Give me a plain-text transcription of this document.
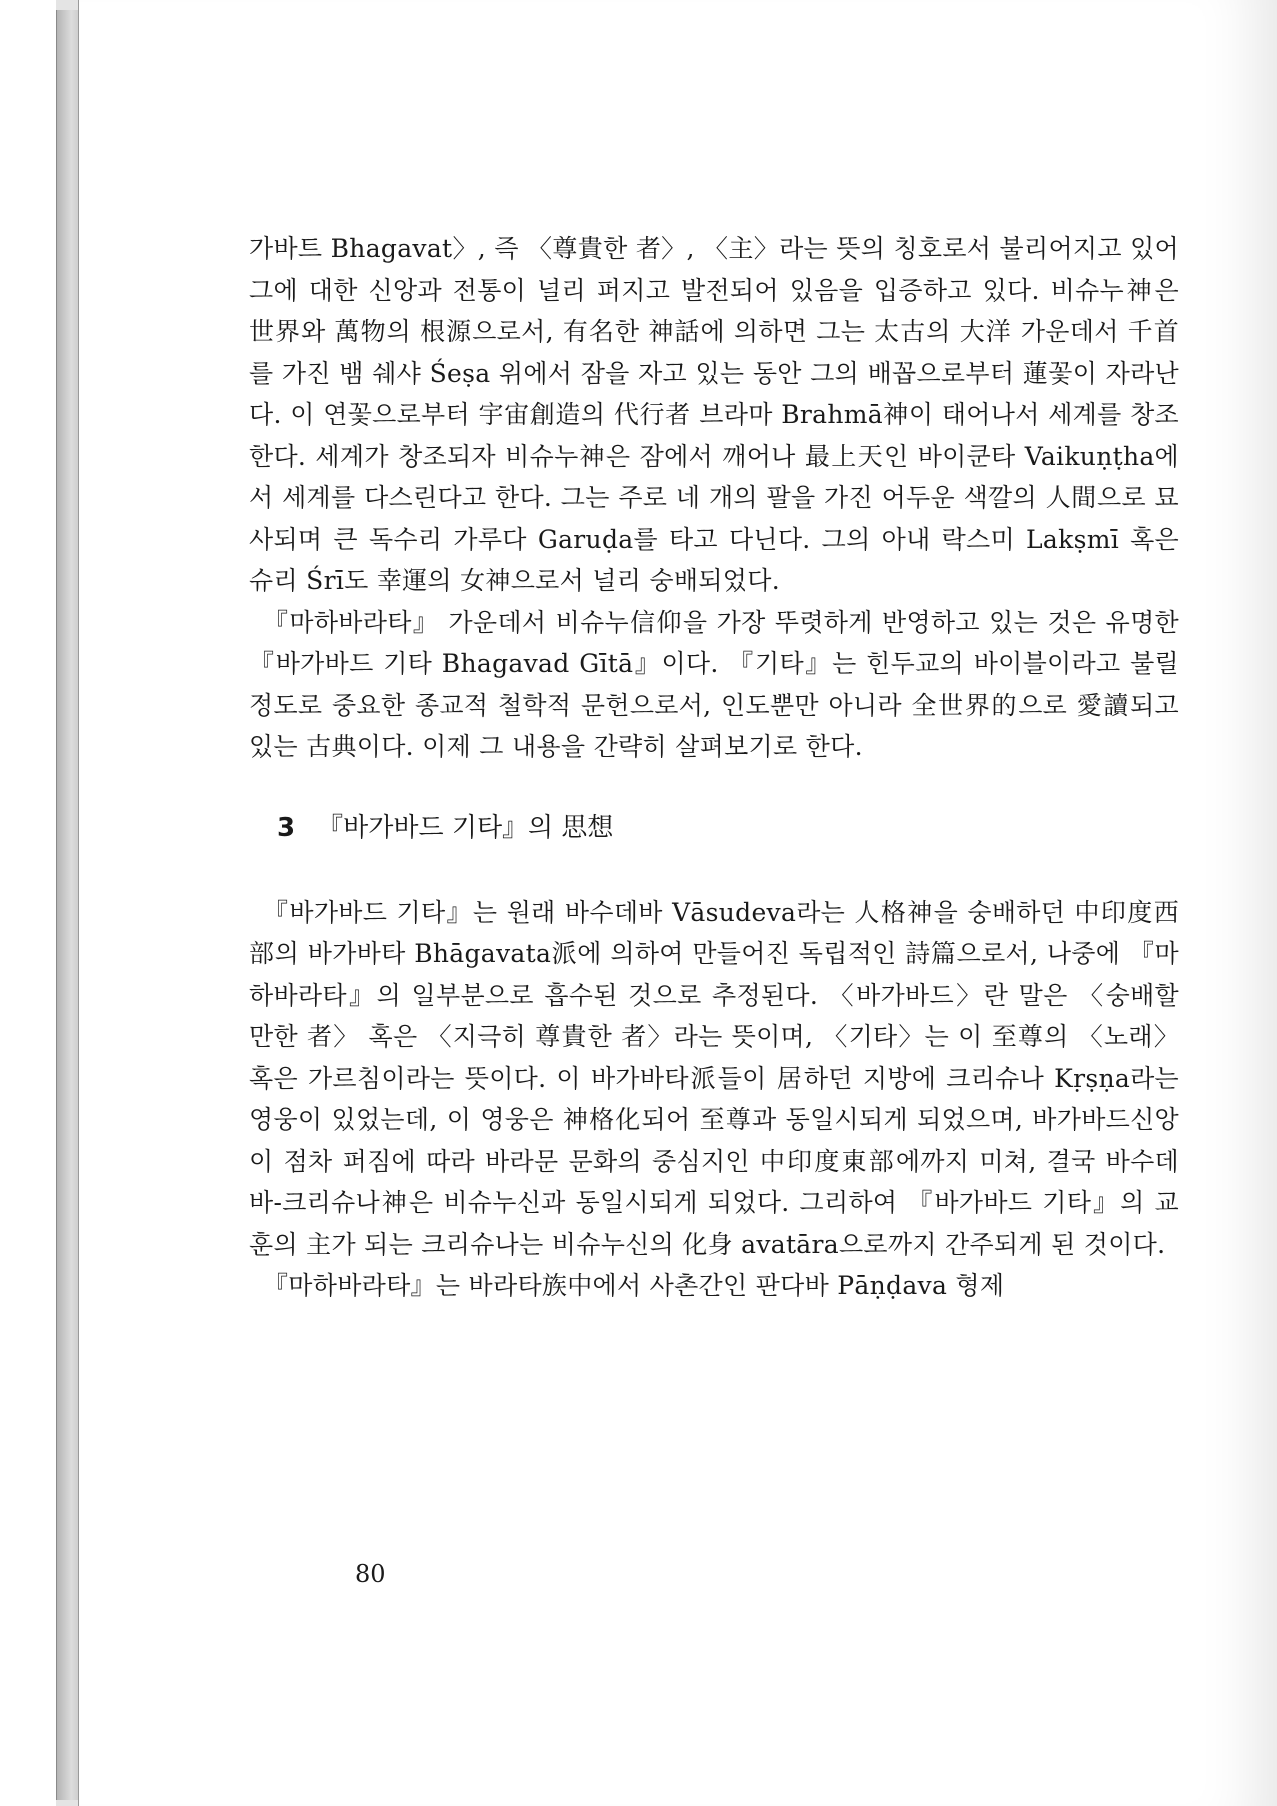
가바트 Bhagavat〉, 즉 〈尊貴한 者〉, 〈主〉라는 뜻의 칭호로서 불리어지고 있어 그에 대한 신앙과 전통이 널리 퍼지고 발전되어 있음을 입증하고 있다. 비슈누神은 世界와 萬物의 根源으로서, 有名한 神話에 의하면 그는 太古의 大洋 가운데서 千首를 가진 뱀 쉐샤 Śeṣa 위에서 잠을 자고 있는 동안 그의 배꼽으로부터 蓮꽃이 자라난다. 이 연꽃으로부터 宇宙創造의 代行者 브라마 Brahmā神이 태어나서 세계를 창조한다. 세계가 창조되자 비슈누神은 잠에서 깨어나 最上天인 바이쿤타 Vaikuṇṭha에서 세계를 다스린다고 한다. 그는 주로 네 개의 팔을 가진 어두운 색깔의 人間으로 묘사되며 큰 독수리 가루다 Garuḍa를 타고 다닌다. 그의 아내 락스미 Lakṣmī 혹은 슈리 Śrī도 幸運의 女神으로서 널리 숭배되었다.

『마하바라타』 가운데서 비슈누信仰을 가장 뚜렷하게 반영하고 있는 것은 유명한 『바가바드 기타 Bhagavad Gītā』이다. 『기타』는 힌두교의 바이블이라고 불릴 정도로 중요한 종교적 철학적 문헌으로서, 인도뿐만 아니라 全世界的으로 愛讀되고 있는 古典이다. 이제 그 내용을 간략히 살펴보기로 한다.

3 『바가바드 기타』의 思想

『바가바드 기타』는 원래 바수데바 Vāsudeva라는 人格神을 숭배하던 中印度西部의 바가바타 Bhāgavata派에 의하여 만들어진 독립적인 詩篇으로서, 나중에 『마하바라타』의 일부분으로 흡수된 것으로 추정된다. 〈바가바드〉란 말은 〈숭배할 만한 者〉 혹은 〈지극히 尊貴한 者〉라는 뜻이며, 〈기타〉는 이 至尊의 〈노래〉 혹은 가르침이라는 뜻이다. 이 바가바타派들이 居하던 지방에 크리슈나 Kṛṣṇa라는 영웅이 있었는데, 이 영웅은 神格化되어 至尊과 동일시되게 되었으며, 바가바드신앙이 점차 퍼짐에 따라 바라문 문화의 중심지인 中印度東部에까지 미쳐, 결국 바수데바-크리슈나神은 비슈누신과 동일시되게 되었다. 그리하여 『바가바드 기타』의 교훈의 主가 되는 크리슈나는 비슈누신의 化身 avatāra으로까지 간주되게 된 것이다.

『마하바라타』는 바라타族中에서 사촌간인 판다바 Pāṇḍava 형제

80
